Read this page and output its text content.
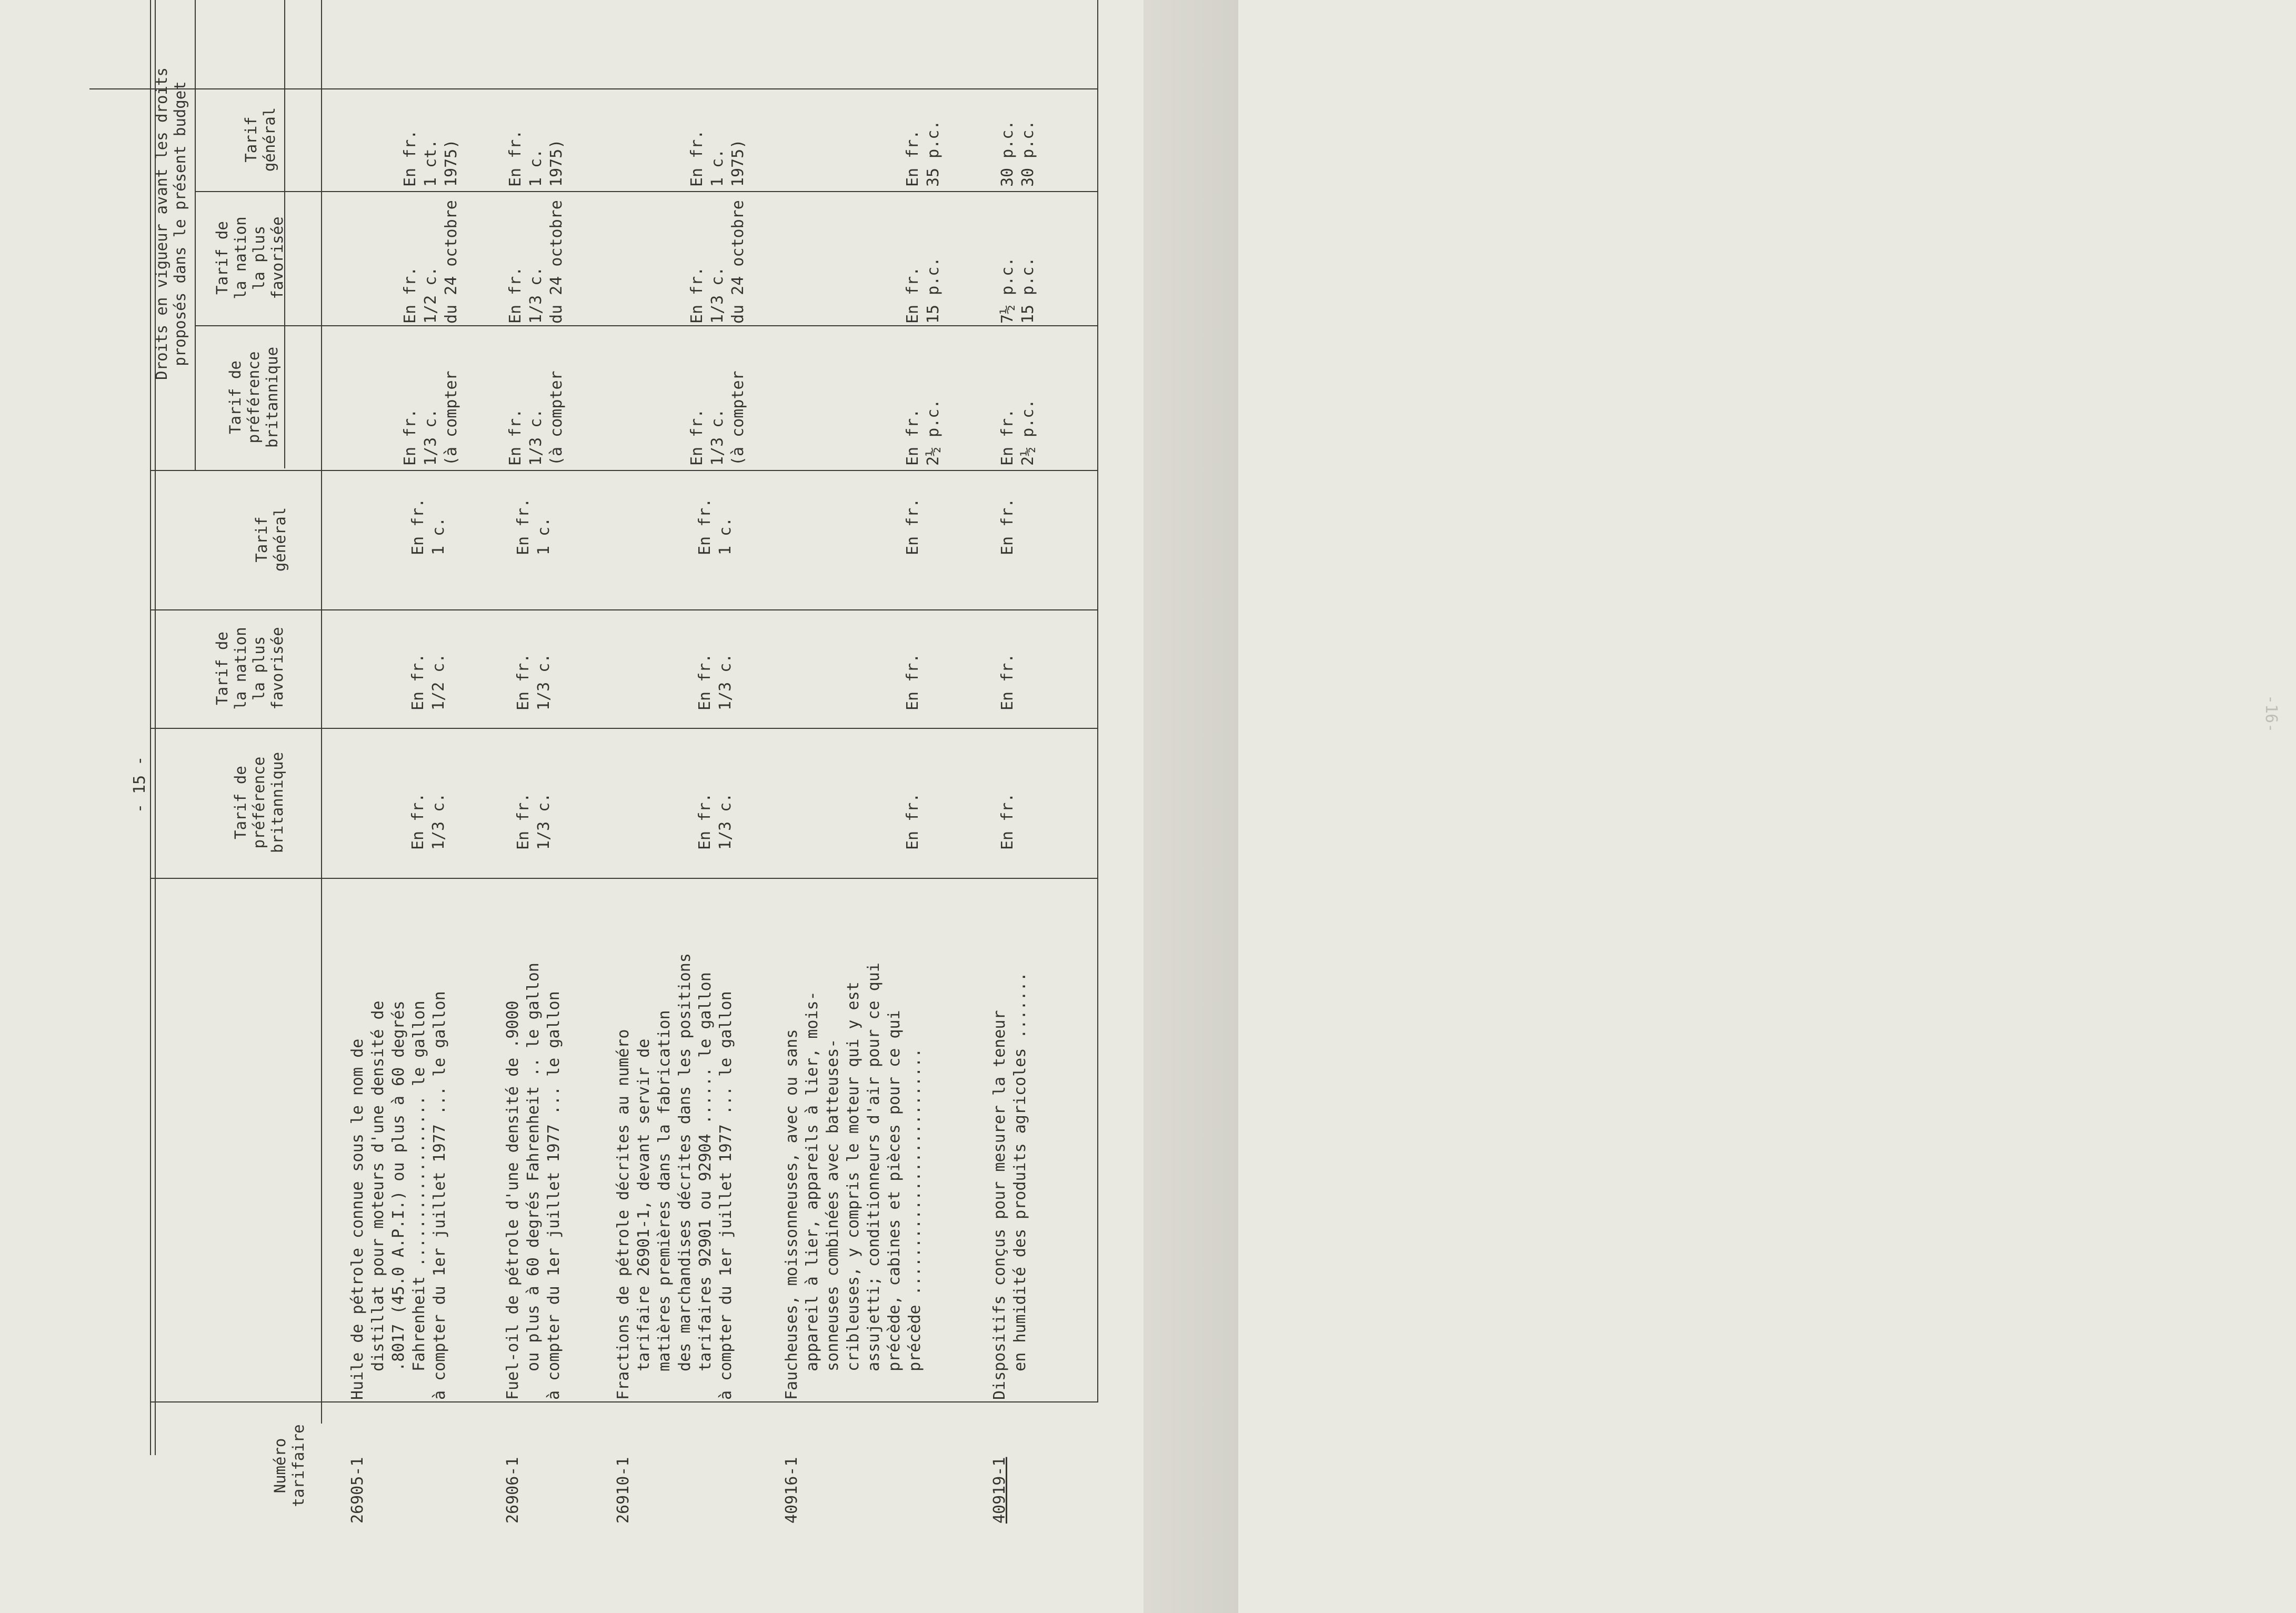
-16-
- 15 -
Numéro
tarifaire
Tarif de
préférence
britannique
Tarif de
la nation
la plus
favorisée
Tarif
général
Droits en vigueur avant les droits
proposés dans le présent budget
Tarif de
préférence
britannique
Tarif de
la nation
la plus
favorisée
Tarif
général
26905-1
Huile de pétrole connue sous le nom de
distillat pour moteurs d'une densité de
.8017 (45.0 A.P.I.) ou plus à 60 degrés
Fahrenheit .................. le gallon à compter du 1er juillet 1977 ... le gallon
En fr.
1/3 c.
En fr.
1/2 c.
En fr.
1 c.
En fr.
1/3 c.
(à compter
En fr.
1/2 c.
du 24 octobre
En fr.
1 ct.
1975)
26906-1
Fuel-oil de pétrole d'une densité de .9000
ou plus à 60 degrés Fahrenheit .. le gallon à compter du 1er juillet 1977 ... le gallon
En fr.
1/3 c.
En fr.
1/3 c.
En fr.
1 c.
En fr.
1/3 c.
(à compter
En fr.
1/3 c.
du 24 octobre
En fr.
1 c.
1975)
26910-1
Fractions de pétrole décrites au numéro
tarifaire 26901-1, devant servir de
matières premières dans la fabrication
des marchandises décrites dans les positions
tarifaires 92901 ou 92904 ...... le gallon à compter du 1er juillet 1977 ... le gallon
En fr.
1/3 c.
En fr.
1/3 c.
En fr.
1 c.
En fr.
1/3 c.
(à compter
En fr.
1/3 c.
du 24 octobre
En fr.
1 c.
1975)
40916-1
Faucheuses, moissonneuses, avec ou sans
appareil à lier, appareils à lier, mois-
sonneuses combinées avec batteuses-
cribleuses, y compris le moteur qui y est
assujetti; conditionneurs d'air pour ce qui
précède, cabines et pièces pour ce qui
précède ..........................
En fr.
En fr.
En fr.
En fr.
2½ p.c.
En fr.
15 p.c.
En fr.
35 p.c.
40919-1
Dispositifs conçus pour mesurer la teneur
en humidité des produits agricoles .......
En fr.
En fr.
En fr.
En fr.
2½ p.c.
7½ p.c.
15 p.c.
30 p.c.
30 p.c.
